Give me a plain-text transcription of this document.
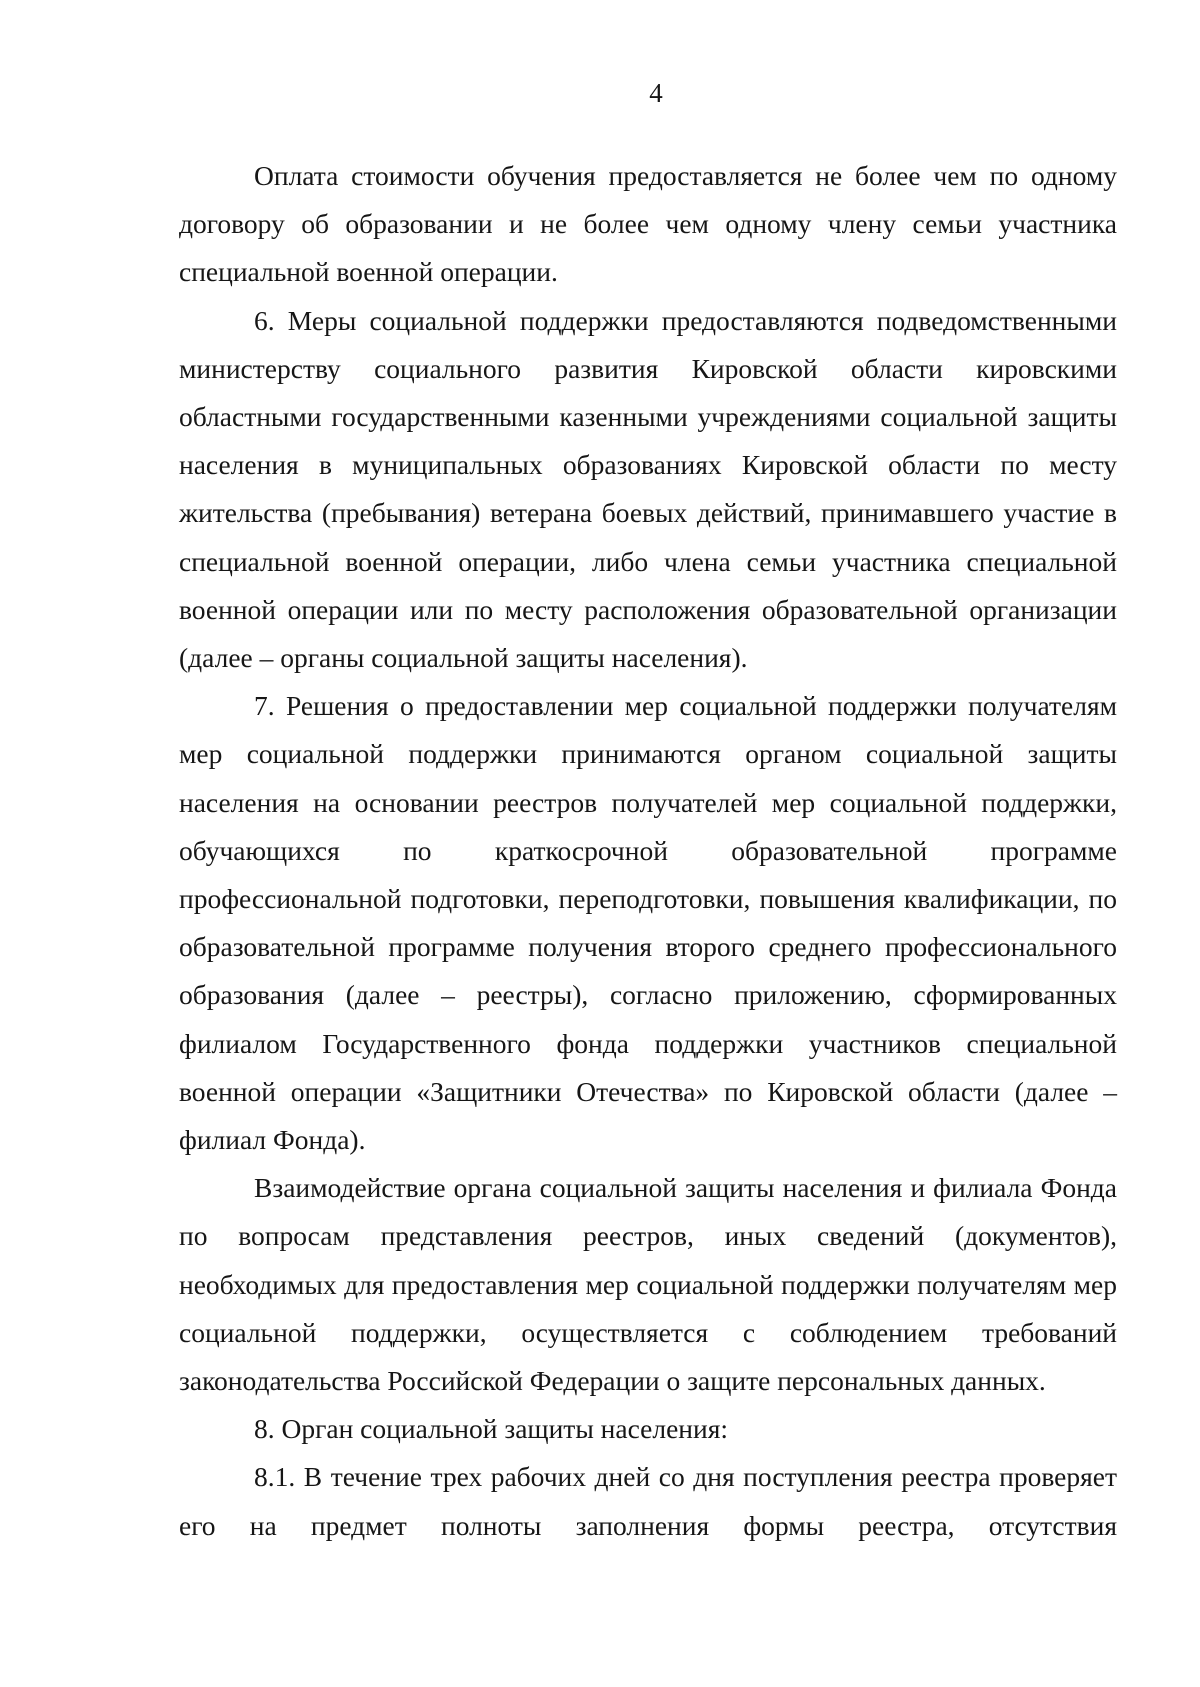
4

Оплата стоимости обучения предоставляется не более чем по одному договору об образовании и не более чем одному члену семьи участника специальной военной операции.

6. Меры социальной поддержки предоставляются подведомственными министерству социального развития Кировской области кировскими областными государственными казенными учреждениями социальной защиты населения в муниципальных образованиях Кировской области по месту жительства (пребывания) ветерана боевых действий, принимавшего участие в специальной военной операции, либо члена семьи участника специальной военной операции или по месту расположения образовательной организации (далее – органы социальной защиты населения).

7. Решения о предоставлении мер социальной поддержки получателям мер социальной поддержки принимаются органом социальной защиты населения на основании реестров получателей мер социальной поддержки, обучающихся по краткосрочной образовательной программе профессиональной подготовки, переподготовки, повышения квалификации, по образовательной программе получения второго среднего профессионального образования (далее – реестры), согласно приложению, сформированных филиалом Государственного фонда поддержки участников специальной военной операции «Защитники Отечества» по Кировской области (далее – филиал Фонда).

Взаимодействие органа социальной защиты населения и филиала Фонда по вопросам представления реестров, иных сведений (документов), необходимых для предоставления мер социальной поддержки получателям мер социальной поддержки, осуществляется с соблюдением требований законодательства Российской Федерации о защите персональных данных.

8. Орган социальной защиты населения:

8.1. В течение трех рабочих дней со дня поступления реестра проверяет его на предмет полноты заполнения формы реестра, отсутствия
